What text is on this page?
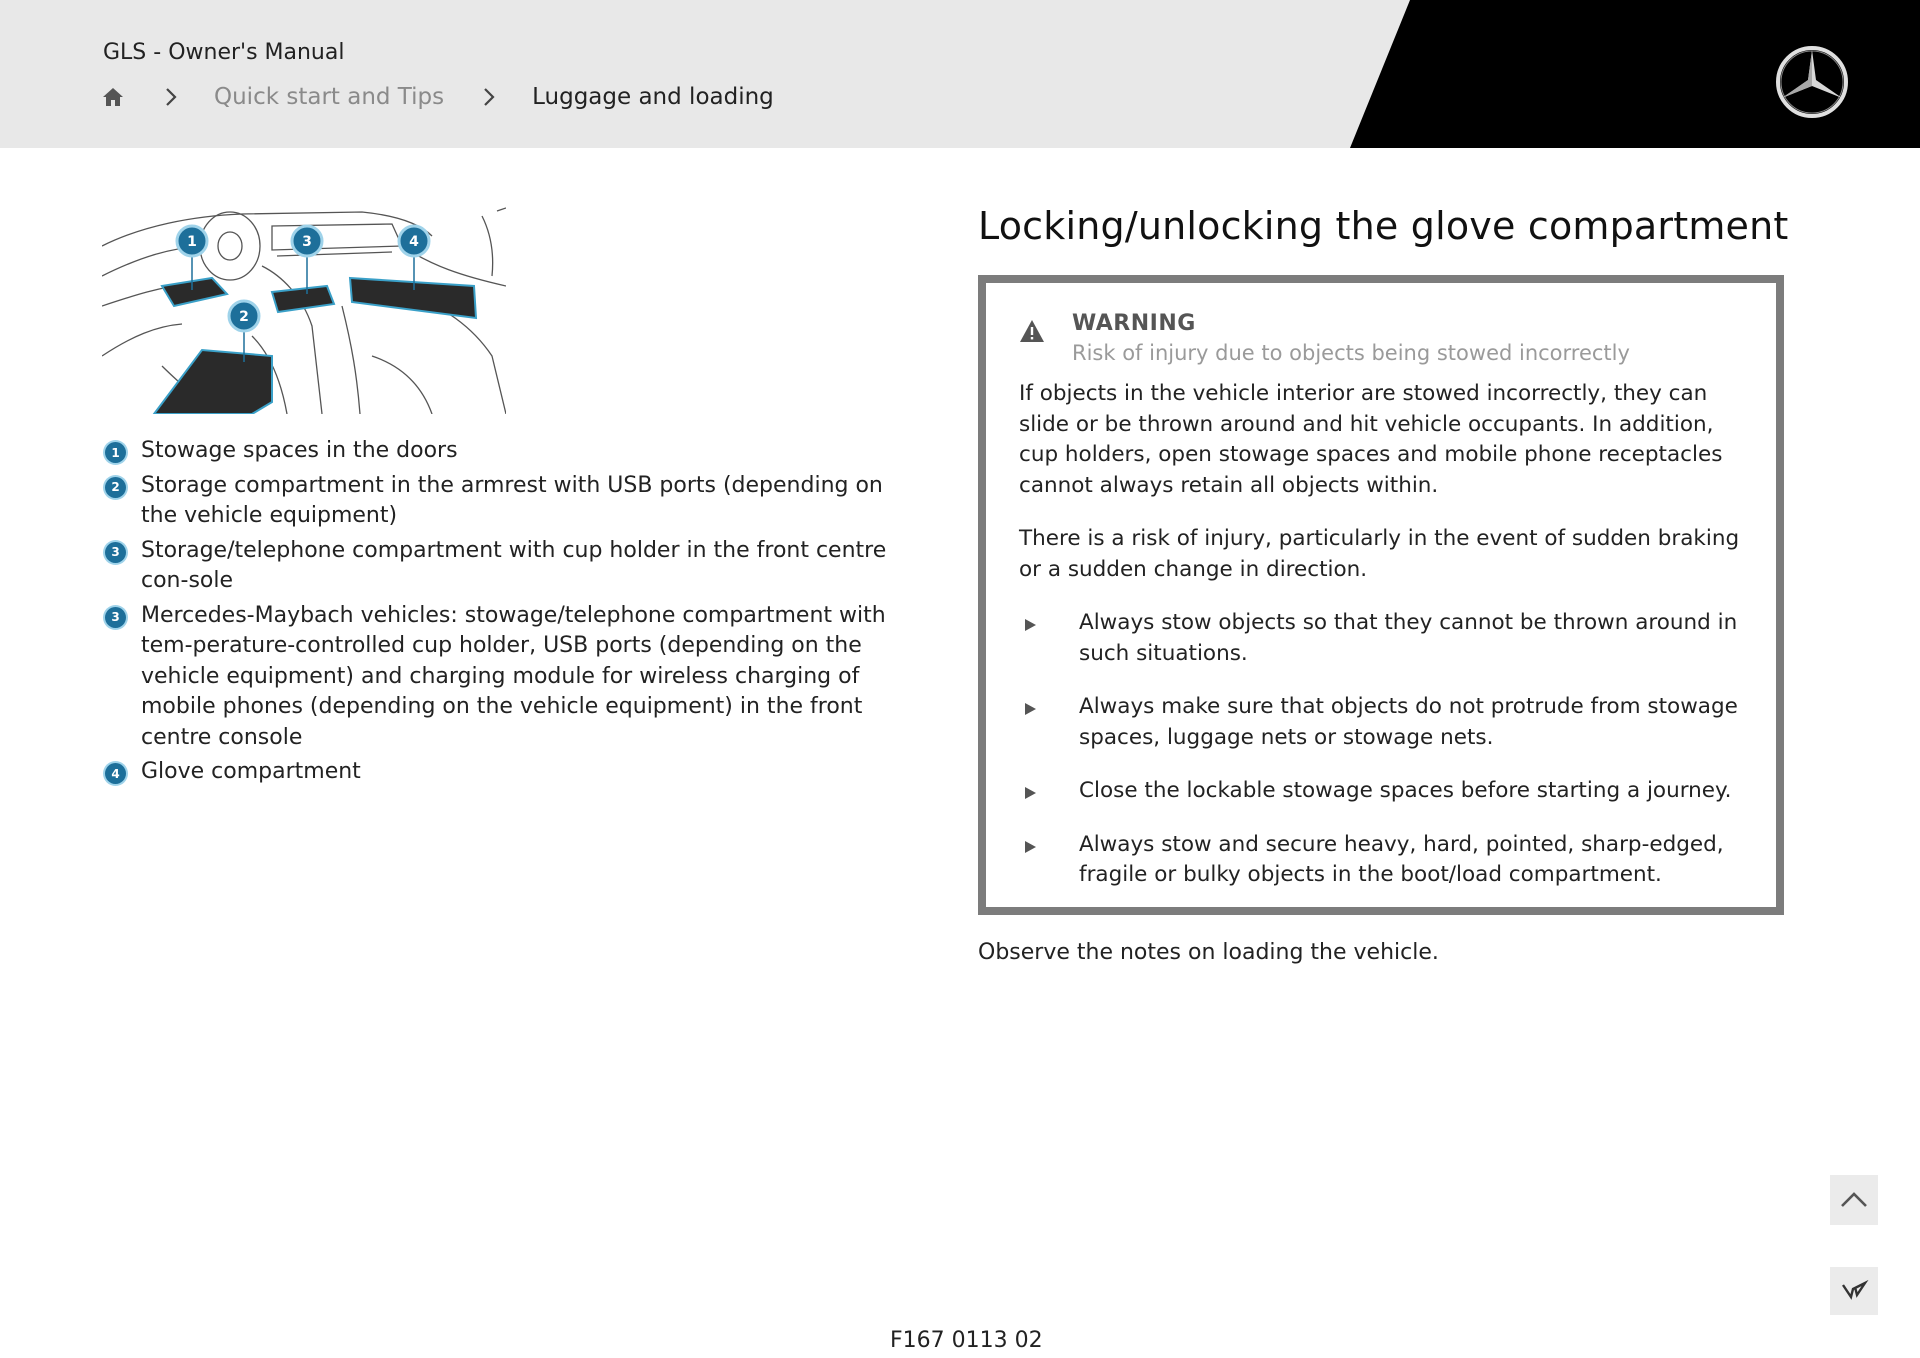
GLS - Owner's Manual
Quick start and Tips	Luggage and loading
1	3	4
2
1 Stowage spaces in the doors
2 Storage compartment in the armrest with USB ports (depending on the vehicle equipment)
3 Storage/telephone compartment with cup holder in the front centre con-sole
3 Mercedes-Maybach vehicles: stowage/telephone compartment with tem-perature-controlled cup holder, USB ports (depending on the vehicle equipment) and charging module for wireless charging of mobile phones (depending on the vehicle equipment) in the front centre console
4 Glove compartment
Locking/unlocking the glove compartment
WARNING
Risk of injury due to objects being stowed incorrectly

If objects in the vehicle interior are stowed incorrectly, they can slide or be thrown around and hit vehicle occupants. In addition, cup holders, open stowage spaces and mobile phone receptacles cannot always retain all objects within.

There is a risk of injury, particularly in the event of sudden braking or a sudden change in direction.

Always stow objects so that they cannot be thrown around in such situations.
Always make sure that objects do not protrude from stowage spaces, luggage nets or stowage nets.
Close the lockable stowage spaces before starting a journey.
Always stow and secure heavy, hard, pointed, sharp-edged, fragile or bulky objects in the boot/load compartment.

Observe the notes on loading the vehicle.

F167 0113 02
